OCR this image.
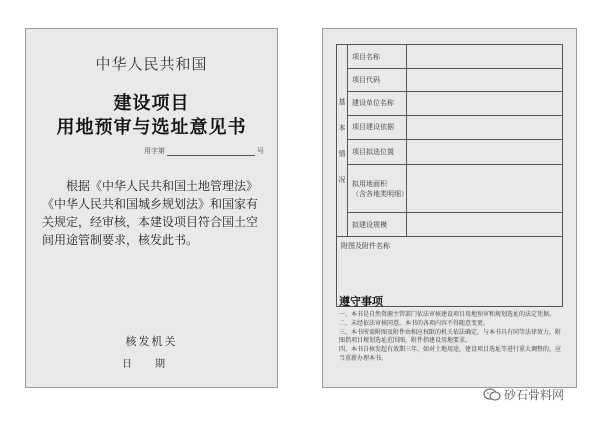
中华人民共和国
建设项目
用地预审与选址意见书
用字第	号
根据《中华人民共和国土地管理法》《中华人民共和国城乡规划法》和国家有关规定，经审核，本建设项目符合国土空间用途管制要求，核发此书。
核发机关
日 期
基
本
情
况	项目名称	
	项目代码	
	建设单位名称	
	项目建设依据	
	项目拟选位置	
	拟用地面积
（含各地类明细）	
	拟建设规模	
附图及附件名称		
遵守事项
一、本书是自然资源主管部门依法审核建设项目用地预审和规划选址的法定凭据。
二、未经依法审核同意，本书的各项内容不得随意变更。
三、本书所需附图及附件由相应权限的机关依法确定，与本书具有同等法律效力，附图指项目规划选址范围图，附件指建设用地要求。
四、本书自核发起有效期三年，如对土地用途，建设项目选址等进行重大调整的，应当重新办理本书。
砂石骨料网
